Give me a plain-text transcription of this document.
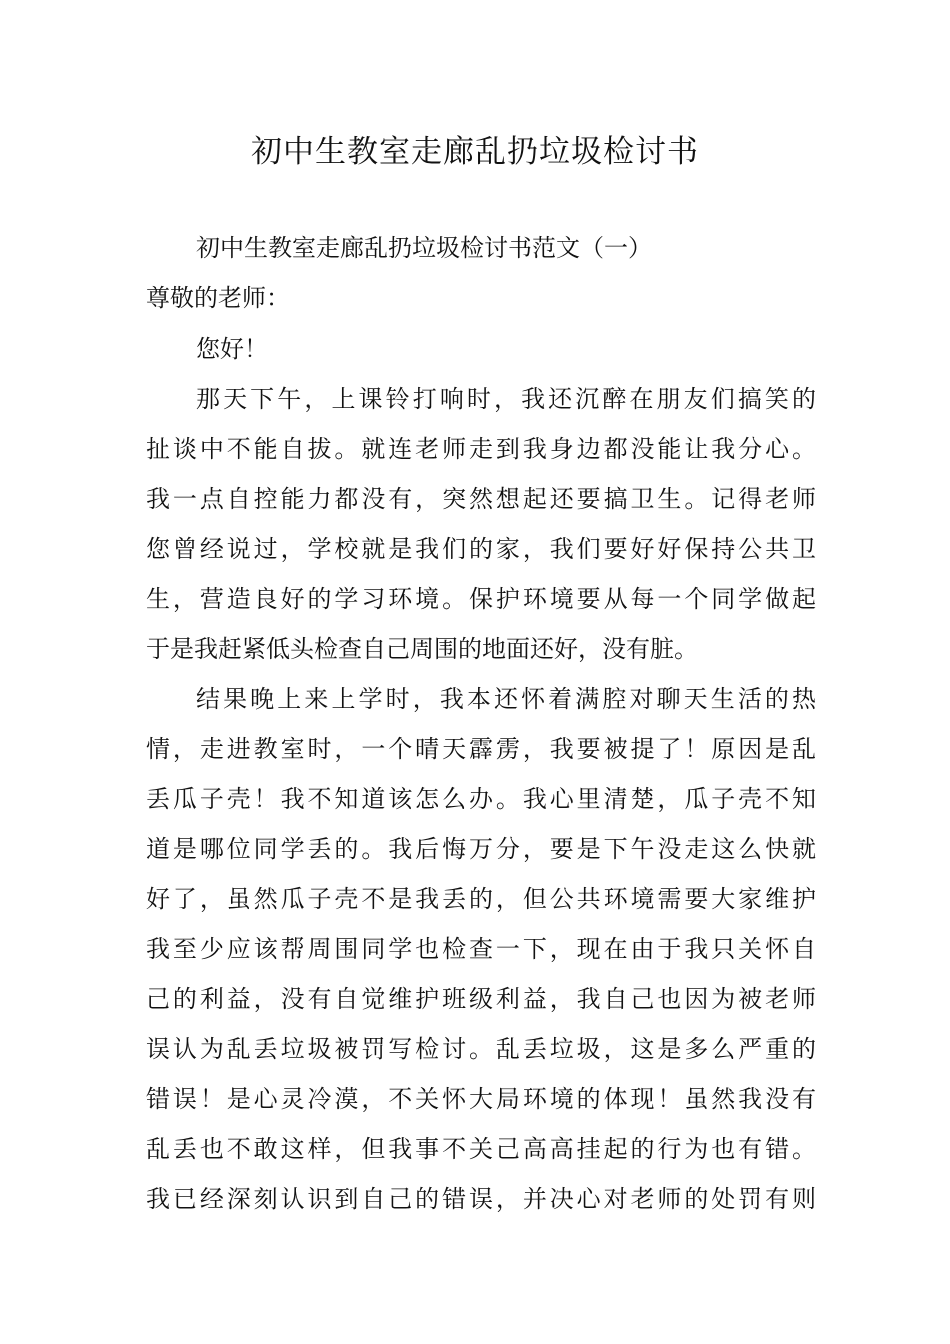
初中生教室走廊乱扔垃圾检讨书

初中生教室走廊乱扔垃圾检讨书范文（一）

尊敬的老师：

您好！

那天下午，上课铃打响时，我还沉醉在朋友们搞笑的

扯谈中不能自拔。就连老师走到我身边都没能让我分心。

我一点自控能力都没有，突然想起还要搞卫生。记得老师

您曾经说过，学校就是我们的家，我们要好好保持公共卫

生，营造良好的学习环境。保护环境要从每一个同学做起

于是我赶紧低头检查自己周围的地面还好，没有脏。

结果晚上来上学时，我本还怀着满腔对聊天生活的热

情，走进教室时，一个晴天霹雳，我要被提了！原因是乱

丢瓜子壳！我不知道该怎么办。我心里清楚，瓜子壳不知

道是哪位同学丢的。我后悔万分，要是下午没走这么快就

好了，虽然瓜子壳不是我丢的，但公共环境需要大家维护

我至少应该帮周围同学也检查一下，现在由于我只关怀自

己的利益，没有自觉维护班级利益，我自己也因为被老师

误认为乱丢垃圾被罚写检讨。乱丢垃圾，这是多么严重的

错误！是心灵冷漠，不关怀大局环境的体现！虽然我没有

乱丢也不敢这样，但我事不关己高高挂起的行为也有错。

我已经深刻认识到自己的错误，并决心对老师的处罚有则
